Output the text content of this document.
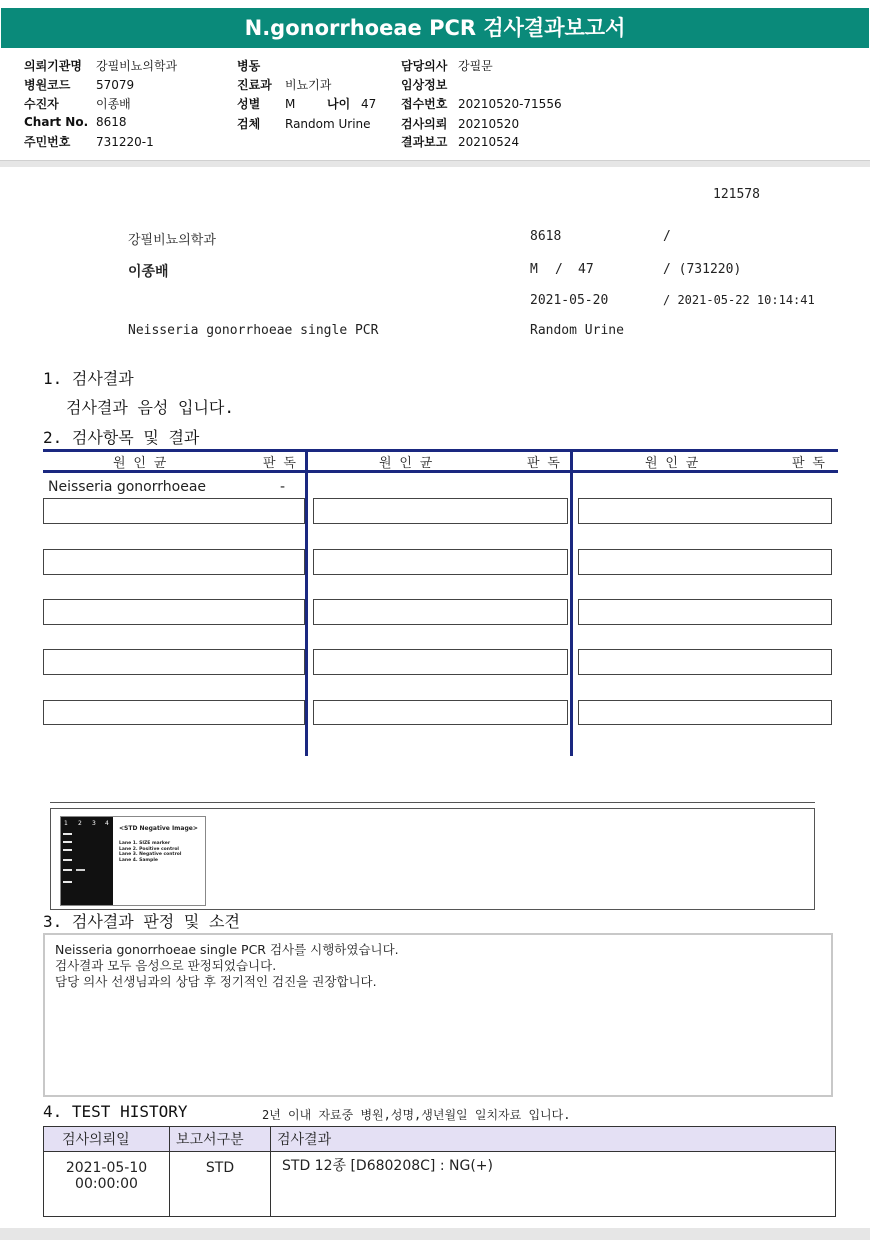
N.gonorrhoeae PCR 검사결과보고서
의뢰기관명 강필비뇨의학과
병원코드 57079
수진자	이종배
Chart No. 8618
주민번호 731220-1
병동
진료과 비뇨기과
성별 M	나이 47
검체 Random Urine
담당의사 강필문
임상정보
접수번호 20210520-71556
검사의뢰 20210520
결과보고 20210524
121578
강필비뇨의학과	8618	/
이종배	M / 47	/ (731220)
2021-05-20	/ 2021-05-22 10:14:41
Neisseria gonorrhoeae single PCR	Random Urine
1. 검사결과
검사결과 음성 입니다.
2. 검사항목 및 결과
원 인 균	판 독	원 인 균	판 독	원 인 균	판 독
Neisseria gonorrhoeae	-
1 2 3 4
<STD Negative Image>
Lane 1. SIZE marker
Lane 2. Positive control
Lane 3. Negative control
Lane 4. Sample
3. 검사결과 판정 및 소견
Neisseria gonorrhoeae single PCR 검사를 시행하였습니다.
검사결과 모두 음성으로 판정되었습니다.
담당 의사 선생님과의 상담 후 정기적인 검진을 권장합니다.
4. TEST HISTORY	2년 이내 자료중 병원,성명,생년월일 일치자료 입니다.
검사의뢰일	보고서구분	검사결과

2021-05-10
00:00:00	STD	STD 12종 [D680208C] : NG(+)
